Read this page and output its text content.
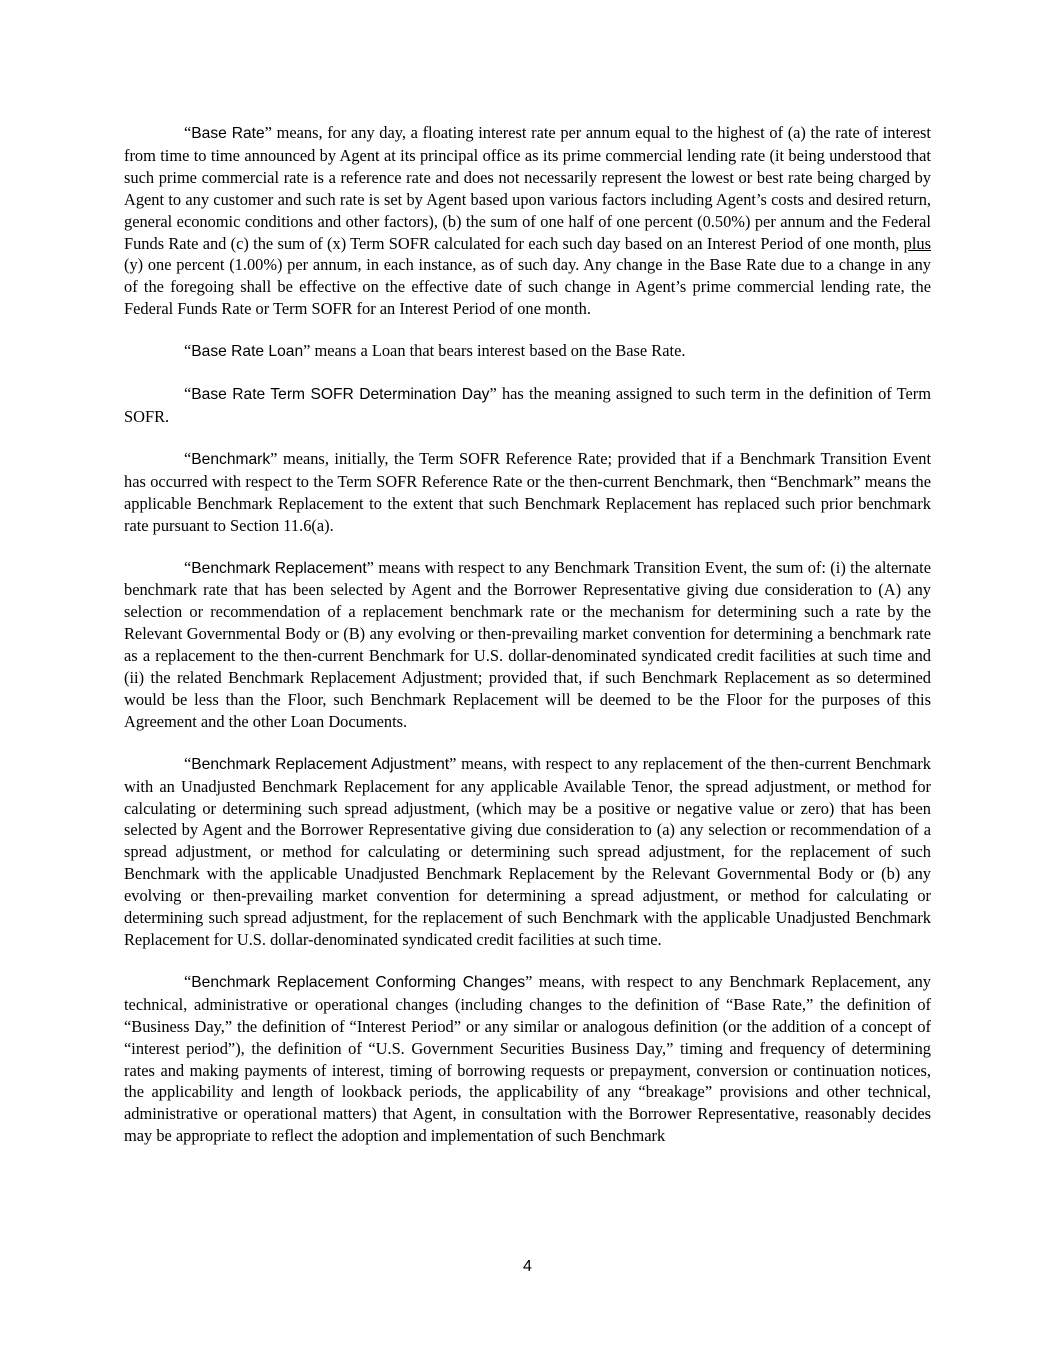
“Base Rate” means, for any day, a floating interest rate per annum equal to the highest of (a) the rate of interest from time to time announced by Agent at its principal office as its prime commercial lending rate (it being understood that such prime commercial rate is a reference rate and does not necessarily represent the lowest or best rate being charged by Agent to any customer and such rate is set by Agent based upon various factors including Agent’s costs and desired return, general economic conditions and other factors), (b) the sum of one half of one percent (0.50%) per annum and the Federal Funds Rate and (c) the sum of (x) Term SOFR calculated for each such day based on an Interest Period of one month, plus (y) one percent (1.00%) per annum, in each instance, as of such day. Any change in the Base Rate due to a change in any of the foregoing shall be effective on the effective date of such change in Agent’s prime commercial lending rate, the Federal Funds Rate or Term SOFR for an Interest Period of one month.

“Base Rate Loan” means a Loan that bears interest based on the Base Rate.

“Base Rate Term SOFR Determination Day” has the meaning assigned to such term in the definition of Term SOFR.

“Benchmark” means, initially, the Term SOFR Reference Rate; provided that if a Benchmark Transition Event has occurred with respect to the Term SOFR Reference Rate or the then-current Benchmark, then “Benchmark” means the applicable Benchmark Replacement to the extent that such Benchmark Replacement has replaced such prior benchmark rate pursuant to Section 11.6(a).

“Benchmark Replacement” means with respect to any Benchmark Transition Event, the sum of: (i) the alternate benchmark rate that has been selected by Agent and the Borrower Representative giving due consideration to (A) any selection or recommendation of a replacement benchmark rate or the mechanism for determining such a rate by the Relevant Governmental Body or (B) any evolving or then-prevailing market convention for determining a benchmark rate as a replacement to the then-current Benchmark for U.S. dollar-denominated syndicated credit facilities at such time and (ii) the related Benchmark Replacement Adjustment; provided that, if such Benchmark Replacement as so determined would be less than the Floor, such Benchmark Replacement will be deemed to be the Floor for the purposes of this Agreement and the other Loan Documents.

“Benchmark Replacement Adjustment” means, with respect to any replacement of the then-current Benchmark with an Unadjusted Benchmark Replacement for any applicable Available Tenor, the spread adjustment, or method for calculating or determining such spread adjustment, (which may be a positive or negative value or zero) that has been selected by Agent and the Borrower Representative giving due consideration to (a) any selection or recommendation of a spread adjustment, or method for calculating or determining such spread adjustment, for the replacement of such Benchmark with the applicable Unadjusted Benchmark Replacement by the Relevant Governmental Body or (b) any evolving or then-prevailing market convention for determining a spread adjustment, or method for calculating or determining such spread adjustment, for the replacement of such Benchmark with the applicable Unadjusted Benchmark Replacement for U.S. dollar-denominated syndicated credit facilities at such time.

“Benchmark Replacement Conforming Changes” means, with respect to any Benchmark Replacement, any technical, administrative or operational changes (including changes to the definition of “Base Rate,” the definition of “Business Day,” the definition of “Interest Period” or any similar or analogous definition (or the addition of a concept of “interest period”), the definition of “U.S. Government Securities Business Day,” timing and frequency of determining rates and making payments of interest, timing of borrowing requests or prepayment, conversion or continuation notices, the applicability and length of lookback periods, the applicability of any “breakage” provisions and other technical, administrative or operational matters) that Agent, in consultation with the Borrower Representative, reasonably decides may be appropriate to reflect the adoption and implementation of such Benchmark

4
